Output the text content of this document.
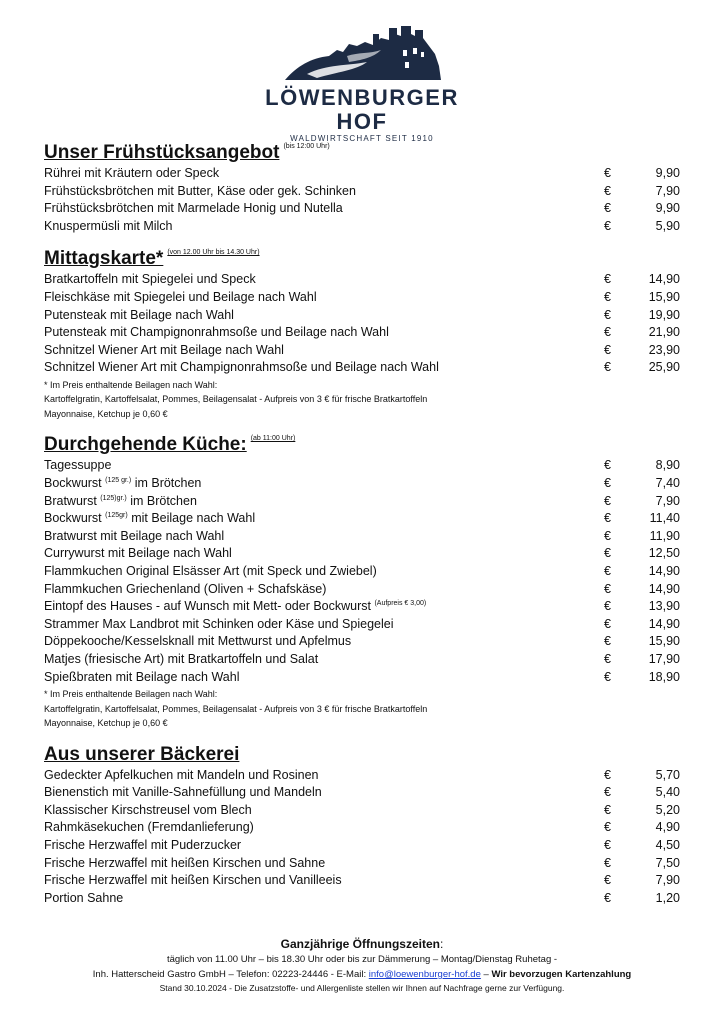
LÖWENBURGER HOF
WALDWIRTSCHAFT SEIT 1910
Unser Frühstücksangebot $^{(bis 12:00 Uhr)}$
Rührei mit Kräutern oder Speck	€	9,90
Frühstücksbrötchen mit Butter, Käse oder gek. Schinken	€	7,90
Frühstücksbrötchen mit Marmelade Honig und Nutella	€	9,90
Knuspermüsli mit Milch	€	5,90
Mittagskarte* $^{(von 12.00 Uhr bis 14.30 Uhr)}$
Bratkartoffeln mit Spiegelei und Speck	€	14,90
Fleischkäse mit Spiegelei und Beilage nach Wahl	€	15,90
Putensteak mit Beilage nach Wahl	€	19,90
Putensteak mit Champignonrahmsoße und Beilage nach Wahl	€	21,90
Schnitzel Wiener Art mit Beilage nach Wahl	€	23,90
Schnitzel Wiener Art mit Champignonrahmsoße und Beilage nach Wahl	€	25,90
* Im Preis enthaltende Beilagen nach Wahl:
Kartoffelgratin, Kartoffelsalat, Pommes, Beilagensalat - Aufpreis von 3 € für frische Bratkartoffeln
Mayonnaise, Ketchup je 0,60 €
Durchgehende Küche: $^{(ab 11:00 Uhr)}$
Tagessuppe	€	8,90
Bockwurst $^{(125 gr.)}$ im Brötchen	€	7,40
Bratwurst $^{(125)gr.)}$ im Brötchen	€	7,90
Bockwurst $^{(125gr)}$ mit Beilage nach Wahl	€	11,40
Bratwurst mit Beilage nach Wahl	€	11,90
Currywurst mit Beilage nach Wahl	€	12,50
Flammkuchen Original Elsässer Art (mit Speck und Zwiebel)	€	14,90
Flammkuchen Griechenland (Oliven + Schafskäse)	€	14,90
Eintopf des Hauses - auf Wunsch mit Mett- oder Bockwurst $^{(Aufpreis € 3,00)}$	€	13,90
Strammer Max Landbrot mit Schinken oder Käse und Spiegelei	€	14,90
Döppekooche/Kesselsknall mit Mettwurst und Apfelmus	€	15,90
Matjes (friesische Art) mit Bratkartoffeln und Salat	€	17,90
Spießbraten mit Beilage nach Wahl	€	18,90
* Im Preis enthaltende Beilagen nach Wahl:
Kartoffelgratin, Kartoffelsalat, Pommes, Beilagensalat - Aufpreis von 3 € für frische Bratkartoffeln
Mayonnaise, Ketchup je 0,60 €
Aus unserer Bäckerei
Gedeckter Apfelkuchen mit Mandeln und Rosinen	€	5,70
Bienenstich mit Vanille-Sahnefüllung und Mandeln	€	5,40
Klassischer Kirschstreusel vom Blech	€	5,20
Rahmkäsekuchen (Fremdanlieferung)	€	4,90
Frische Herzwaffel mit Puderzucker	€	4,50
Frische Herzwaffel mit heißen Kirschen und Sahne	€	7,50
Frische Herzwaffel mit heißen Kirschen und Vanilleeis	€	7,90
Portion Sahne	€	1,20
Ganzjährige Öffnungszeiten:
täglich von 11.00 Uhr – bis 18.30 Uhr oder bis zur Dämmerung – Montag/Dienstag Ruhetag -
Inh. Hatterscheid Gastro GmbH – Telefon: 02223-24446 - E-Mail: info@loewenburger-hof.de – Wir bevorzugen Kartenzahlung
Stand 30.10.2024 - Die Zusatzstoffe- und Allergenliste stellen wir Ihnen auf Nachfrage gerne zur Verfügung.
